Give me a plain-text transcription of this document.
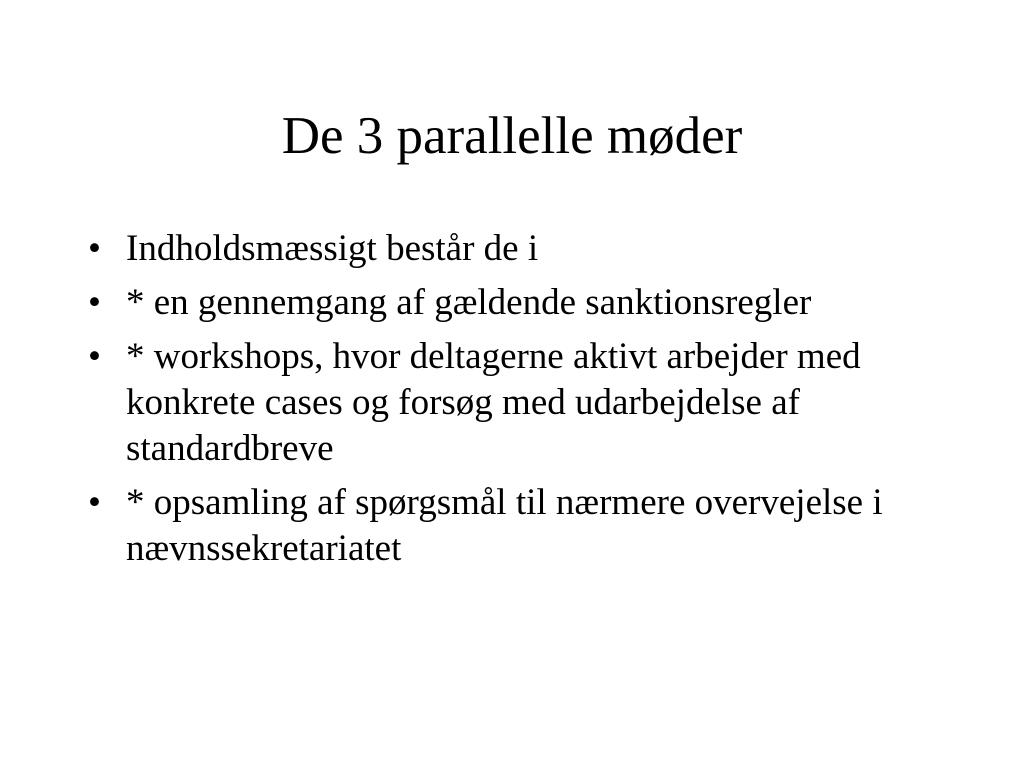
De 3 parallelle møder
• Indholdsmæssigt består de i
• * en gennemgang af gældende sanktionsregler
• * workshops, hvor deltagerne aktivt arbejder med konkrete cases og forsøg med udarbejdelse af standardbreve
• * opsamling af spørgsmål til nærmere overvejelse i nævnssekretariatet
